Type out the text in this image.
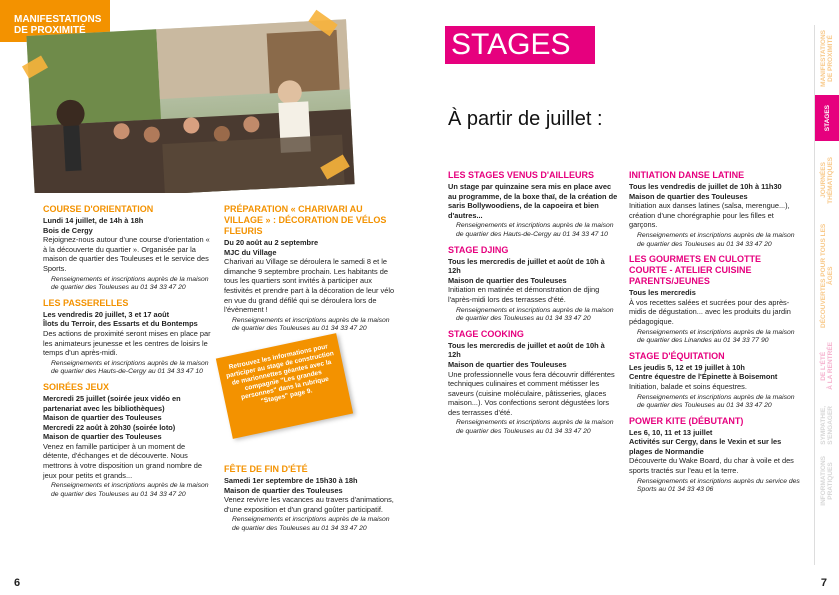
MANIFESTATIONS
DE PROXIMITÉ
COURSE D'ORIENTATION
Lundi 14 juillet, de 14h à 18h
Bois de Cergy
Rejoignez-nous autour d'une course d'orientation « à la découverte du quartier ». Organisée par la maison de quartier des Touleuses et le service des Sports.
Renseignements et inscriptions auprès de la maison de quartier des Touleuses au 01 34 33 47 20
LES PASSERELLES
Les vendredis 20 juillet, 3 et 17 août
Îlots du Terroir, des Essarts et du Bontemps
Des actions de proximité seront mises en place par les animateurs jeunesse et les centres de loisirs le temps d'un après-midi.
Renseignements et inscriptions auprès de la maison de quartier des Hauts-de-Cergy au 01 34 33 47 10
SOIRÉES JEUX
Mercredi 25 juillet (soirée jeux vidéo en partenariat avec les bibliothèques)
Maison de quartier des Touleuses
Mercredi 22 août à 20h30 (soirée loto)
Maison de quartier des Touleuses
Venez en famille participer à un moment de détente, d'échanges et de découverte. Nous mettrons à votre disposition un grand nombre de jeux pour petits et grands...
Renseignements et inscriptions auprès de la maison de quartier des Touleuses au 01 34 33 47 20
PRÉPARATION « CHARIVARI AU VILLAGE » : DÉCORATION DE VÉLOS FLEURIS
Du 20 août au 2 septembre
MJC du Village
Charivari au Village se déroulera le samedi 8 et le dimanche 9 septembre prochain. Les habitants de tous les quartiers sont invités à participer aux festivités et prendre part à la décoration de leur vélo en vue du grand défilé qui se déroulera lors de l'évènement !
Renseignements et inscriptions auprès de la maison de quartier des Touleuses au 01 34 33 47 20
FÊTE DE FIN D'ÉTÉ
Samedi 1er septembre de 15h30 à 18h
Maison de quartier des Touleuses
Venez revivre les vacances au travers d'animations, d'une exposition et d'un grand goûter participatif.
Renseignements et inscriptions auprès de la maison de quartier des Touleuses au 01 34 33 47 20
Retrouvez les informations pour participer au stage de construction de marionnettes géantes avec la compagnie "Les grandes personnes" dans la rubrique "Stages" page 9.
6
STAGES
À partir de juillet :
LES STAGES VENUS D'AILLEURS
Un stage par quinzaine sera mis en place avec au programme, de la boxe thaï, de la création de saris Bollywoodiens, de la capoeira et bien d'autres...
Renseignements et inscriptions auprès de la maison de quartier des Hauts-de-Cergy au 01 34 33 47 10
STAGE DJING
Tous les mercredis de juillet et août de 10h à 12h
Maison de quartier des Touleuses
Initiation en matinée et démonstration de djing l'après-midi lors des terrasses d'été.
Renseignements et inscriptions auprès de la maison de quartier des Touleuses au 01 34 33 47 20
STAGE COOKING
Tous les mercredis de juillet et août de 10h à 12h
Maison de quartier des Touleuses
Une professionnelle vous fera découvrir différentes techniques culinaires et comment métisser les saveurs (cuisine moléculaire, pâtisseries, glaces maison...). Vos confections seront dégustées lors des terrasses d'été.
Renseignements et inscriptions auprès de la maison de quartier des Touleuses au 01 34 33 47 20
INITIATION DANSE LATINE
Tous les vendredis de juillet de 10h à 11h30
Maison de quartier des Touleuses
Initiation aux danses latines (salsa, merengue...), création d'une chorégraphie pour les filles et garçons.
Renseignements et inscriptions auprès de la maison de quartier des Touleuses au 01 34 33 47 20
LES GOURMETS EN CULOTTE COURTE - ATELIER CUISINE PARENTS/JEUNES
Tous les mercredis
À vos recettes salées et sucrées pour des après-midis de dégustation... avec les produits du jardin pédagogique.
Renseignements et inscriptions auprès de la maison de quartier des Linandes au 01 34 33 77 90
STAGE D'ÉQUITATION
Les jeudis 5, 12 et 19 juillet à 10h
Centre équestre de l'Épinette à Boisemont
Initiation, balade et soins équestres.
Renseignements et inscriptions auprès de la maison de quartier des Touleuses au 01 34 33 47 20
POWER KITE (DÉBUTANT)
Les 6, 10, 11 et 13 juillet
Activités sur Cergy, dans le Vexin et sur les plages de Normandie
Découverte du Wake Board, du char à voile et des sports tractés sur l'eau et la terre.
Renseignements et inscriptions auprès du service des Sports au 01 34 33 43 06
MANIFESTATIONS
DE PROXIMITÉ
STAGES
JOURNÉES
THÉMATIQUES
DÉCOUVERTES POUR TOUS LES ÂGES
DE L'ÉTÉ
À LA RENTRÉE
SYMPATHIE,
S'ENGAGER
INFORMATIONS
PRATIQUES
7
